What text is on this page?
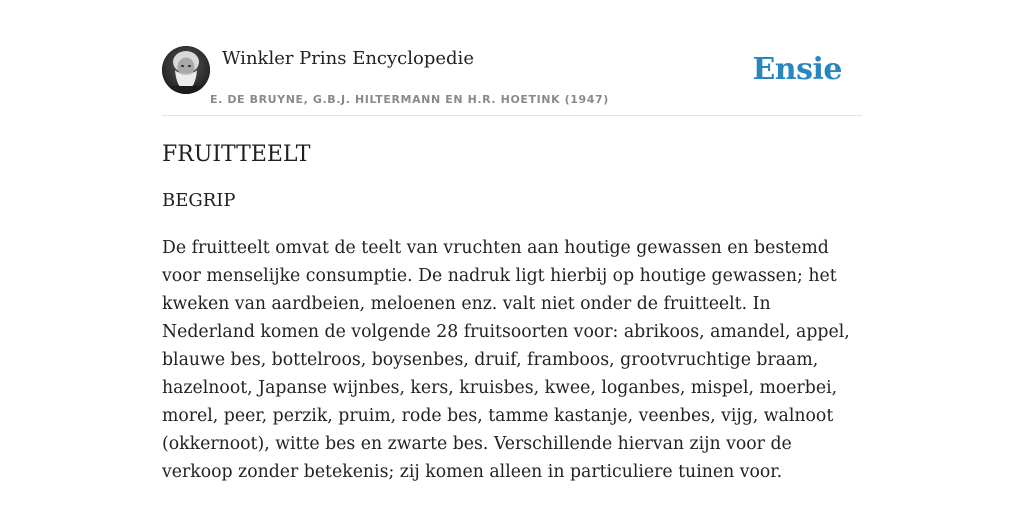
Winkler Prins Encyclopedie
E. DE BRUYNE, G.B.J. HILTERMANN EN H.R. HOETINK (1947)
Ensie
FRUITTEELT
BEGRIP

De fruitteelt omvat de teelt van vruchten aan houtige gewassen en bestemd voor menselijke consumptie. De nadruk ligt hierbij op houtige gewassen; het kweken van aardbeien, meloenen enz. valt niet onder de fruitteelt. In Nederland komen de volgende 28 fruitsoorten voor: abrikoos, amandel, appel, blauwe bes, bottelroos, boysenbes, druif, framboos, grootvruchtige braam, hazelnoot, Japanse wijnbes, kers, kruisbes, kwee, loganbes, mispel, moerbei, morel, peer, perzik, pruim, rode bes, tamme kastanje, veenbes, vijg, walnoot (okkernoot), witte bes en zwarte bes. Verschillende hiervan zijn voor de verkoop zonder betekenis; zij komen alleen in particuliere tuinen voor.
